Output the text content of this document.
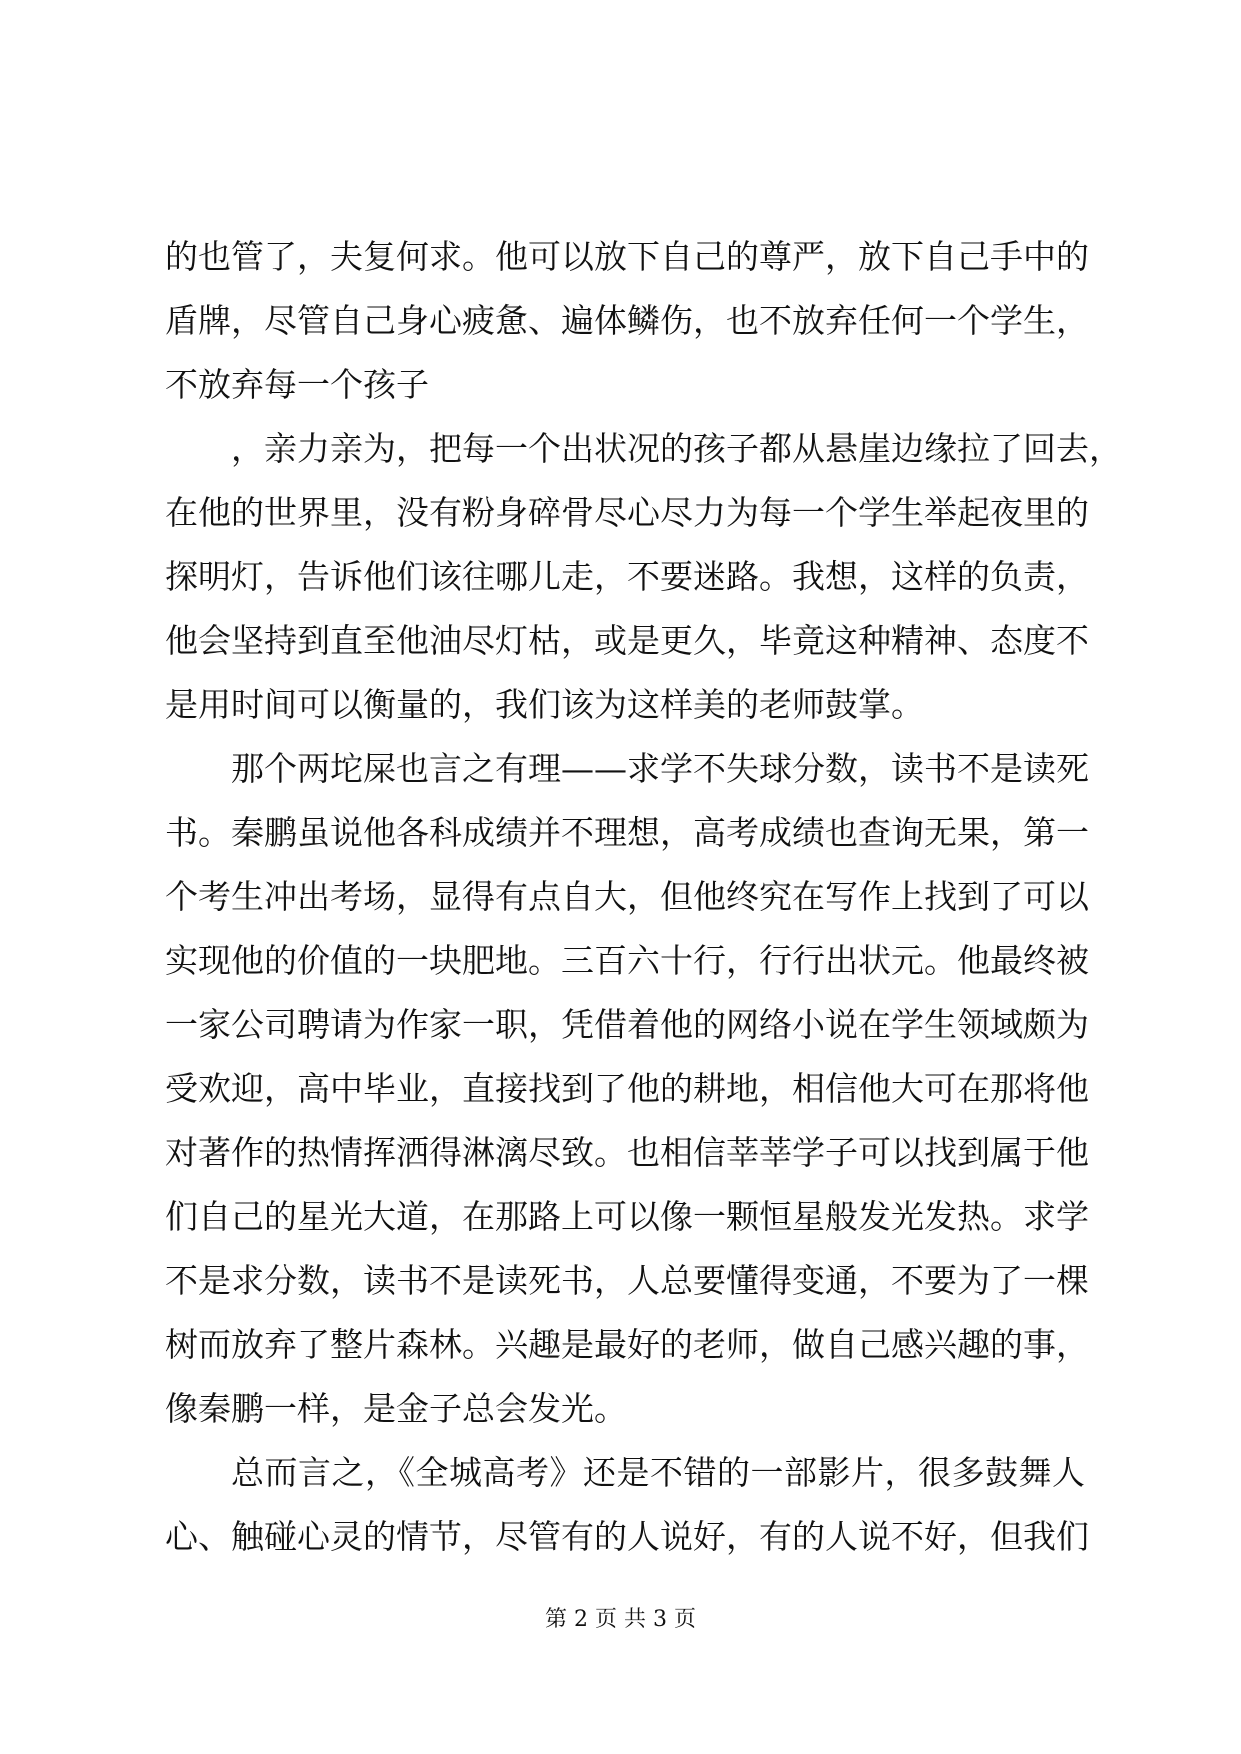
的也管了，夫复何求。他可以放下自己的尊严，放下自己手中的
盾牌，尽管自己身心疲惫、遍体鳞伤，也不放弃任何一个学生，
不放弃每一个孩子
，亲力亲为，把每一个出状况的孩子都从悬崖边缘拉了回去，
在他的世界里，没有粉身碎骨尽心尽力为每一个学生举起夜里的
探明灯，告诉他们该往哪儿走，不要迷路。我想，这样的负责，
他会坚持到直至他油尽灯枯，或是更久，毕竟这种精神、态度不
是用时间可以衡量的，我们该为这样美的老师鼓掌。
那个两坨屎也言之有理——求学不失球分数，读书不是读死
书。秦鹏虽说他各科成绩并不理想，高考成绩也查询无果，第一
个考生冲出考场，显得有点自大，但他终究在写作上找到了可以
实现他的价值的一块肥地。三百六十行，行行出状元。他最终被
一家公司聘请为作家一职，凭借着他的网络小说在学生领域颇为
受欢迎，高中毕业，直接找到了他的耕地，相信他大可在那将他
对著作的热情挥洒得淋漓尽致。也相信莘莘学子可以找到属于他
们自己的星光大道，在那路上可以像一颗恒星般发光发热。求学
不是求分数，读书不是读死书，人总要懂得变通，不要为了一棵
树而放弃了整片森林。兴趣是最好的老师，做自己感兴趣的事，
像秦鹏一样，是金子总会发光。
总而言之，《全城高考》还是不错的一部影片，很多鼓舞人
心、触碰心灵的情节，尽管有的人说好，有的人说不好，但我们
第 2 页 共 3 页
